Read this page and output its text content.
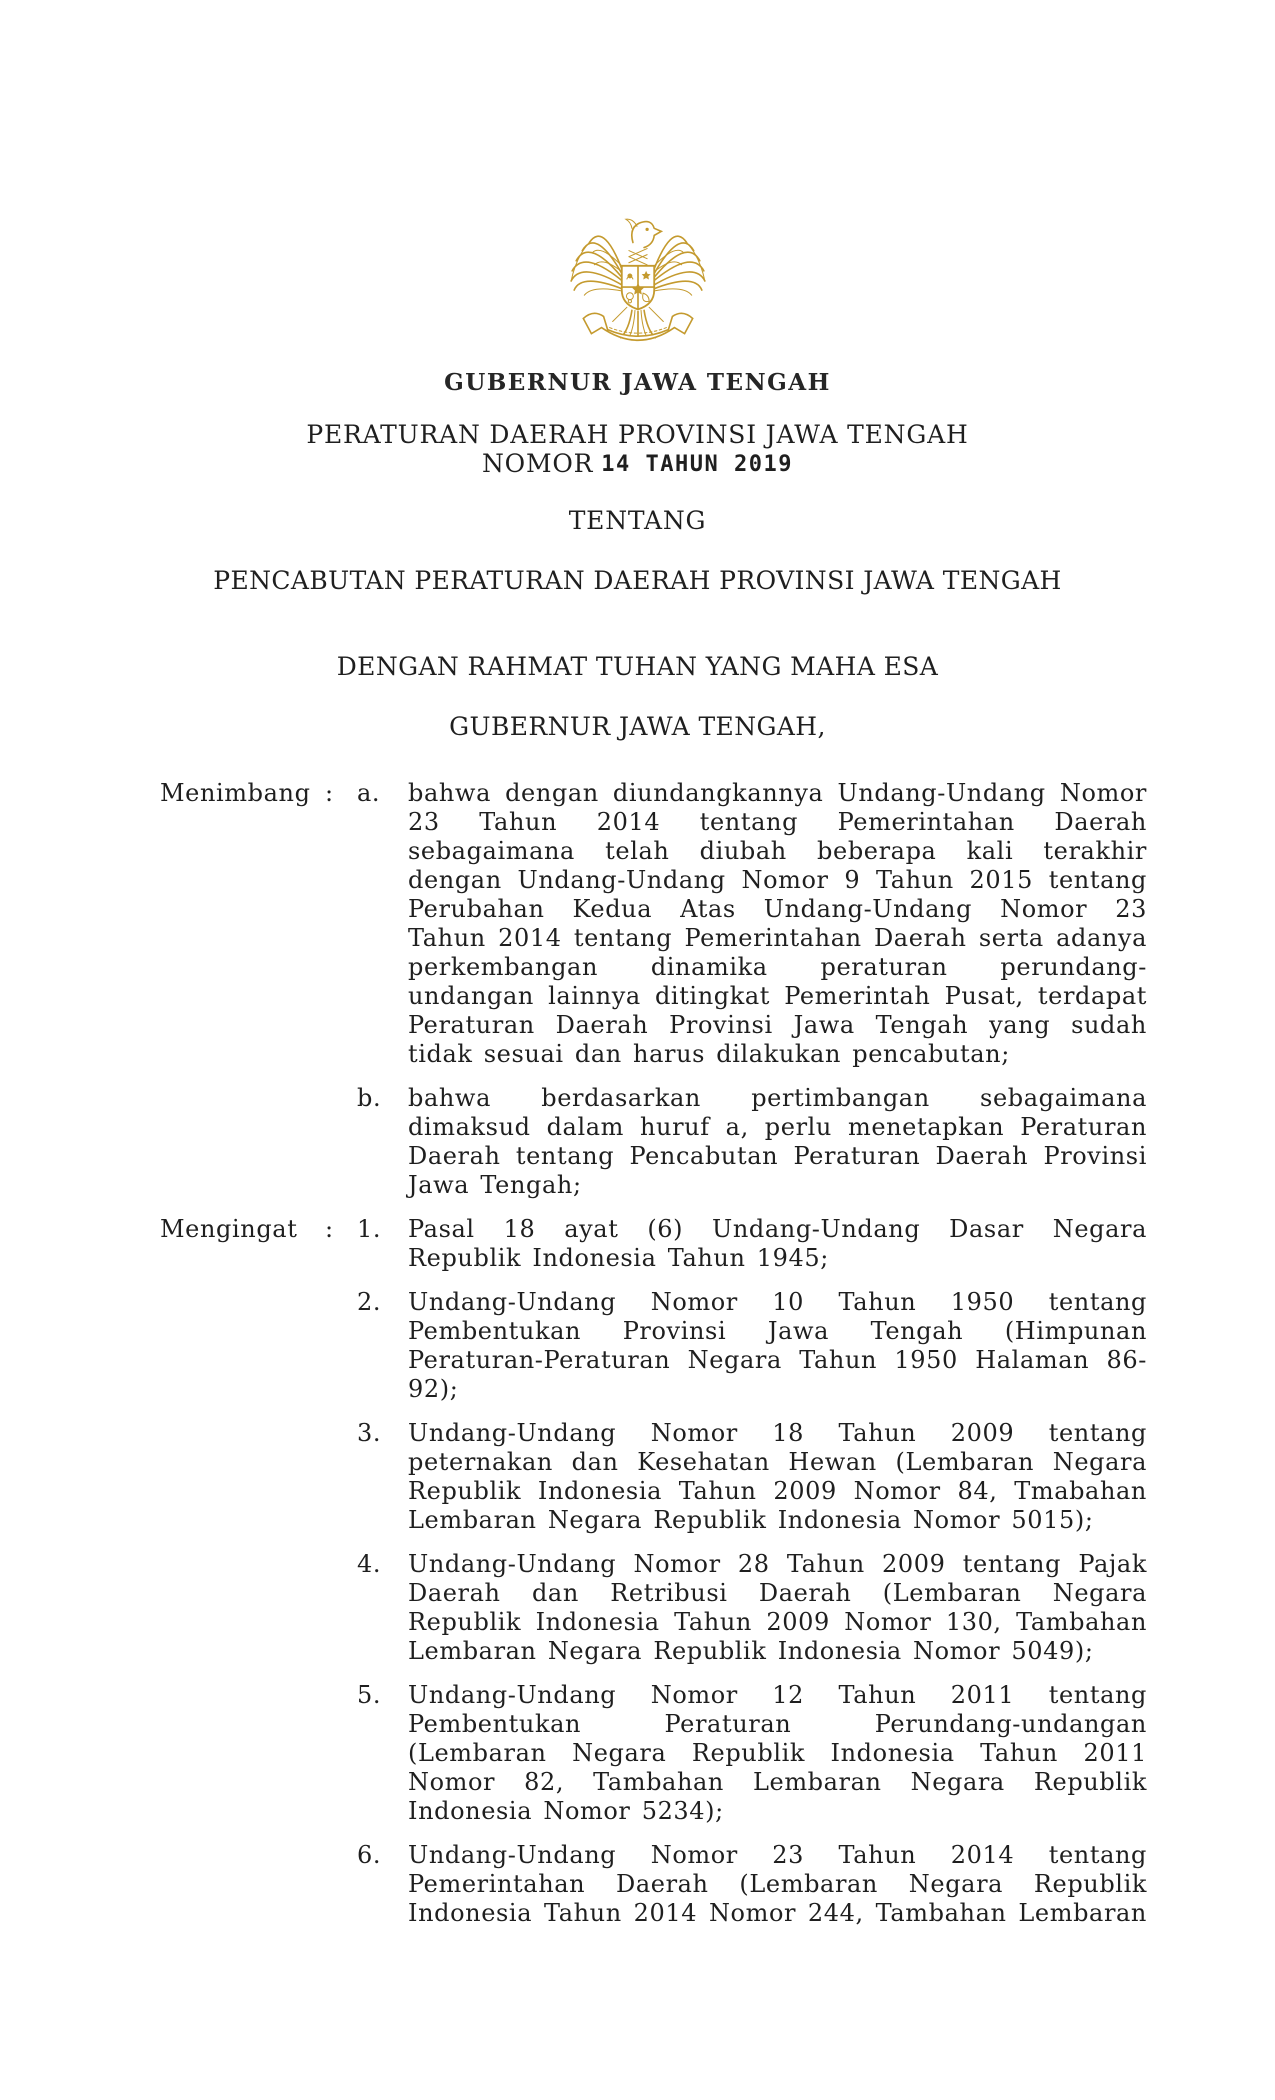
GUBERNUR JAWA TENGAH
PERATURAN DAERAH PROVINSI JAWA TENGAH
NOMOR 14 TAHUN 2019
TENTANG
PENCABUTAN PERATURAN DAERAH PROVINSI JAWA TENGAH
DENGAN RAHMAT TUHAN YANG MAHA ESA
GUBERNUR JAWA TENGAH,
Menimbang : a.	bahwa dengan diundangkannya Undang-Undang Nomor 23 Tahun 2014 tentang Pemerintahan Daerah sebagaimana telah diubah beberapa kali terakhir dengan Undang-Undang Nomor 9 Tahun 2015 tentang Perubahan Kedua Atas Undang-Undang Nomor 23 Tahun 2014 tentang Pemerintahan Daerah serta adanya perkembangan dinamika peraturan perundang-undangan lainnya ditingkat Pemerintah Pusat, terdapat Peraturan Daerah Provinsi Jawa Tengah yang sudah tidak sesuai dan harus dilakukan pencabutan;
b.	bahwa berdasarkan pertimbangan sebagaimana dimaksud dalam huruf a, perlu menetapkan Peraturan Daerah tentang Pencabutan Peraturan Daerah Provinsi Jawa Tengah;
Mengingat	: 1.	Pasal 18 ayat (6) Undang-Undang Dasar Negara Republik Indonesia Tahun 1945;
2.	Undang-Undang Nomor 10 Tahun 1950 tentang Pembentukan Provinsi Jawa Tengah (Himpunan Peraturan-Peraturan Negara Tahun 1950 Halaman 86-92);
3.	Undang-Undang Nomor 18 Tahun 2009 tentang peternakan dan Kesehatan Hewan (Lembaran Negara Republik Indonesia Tahun 2009 Nomor 84, Tmabahan Lembaran Negara Republik Indonesia Nomor 5015);
4.	Undang-Undang Nomor 28 Tahun 2009 tentang Pajak Daerah dan Retribusi Daerah (Lembaran Negara Republik Indonesia Tahun 2009 Nomor 130, Tambahan Lembaran Negara Republik Indonesia Nomor 5049);
5.	Undang-Undang Nomor 12 Tahun 2011 tentang Pembentukan Peraturan Perundang-undangan (Lembaran Negara Republik Indonesia Tahun 2011 Nomor 82, Tambahan Lembaran Negara Republik Indonesia Nomor 5234);
6.	Undang-Undang Nomor 23 Tahun 2014 tentang Pemerintahan Daerah (Lembaran Negara Republik Indonesia Tahun 2014 Nomor 244, Tambahan Lembaran
